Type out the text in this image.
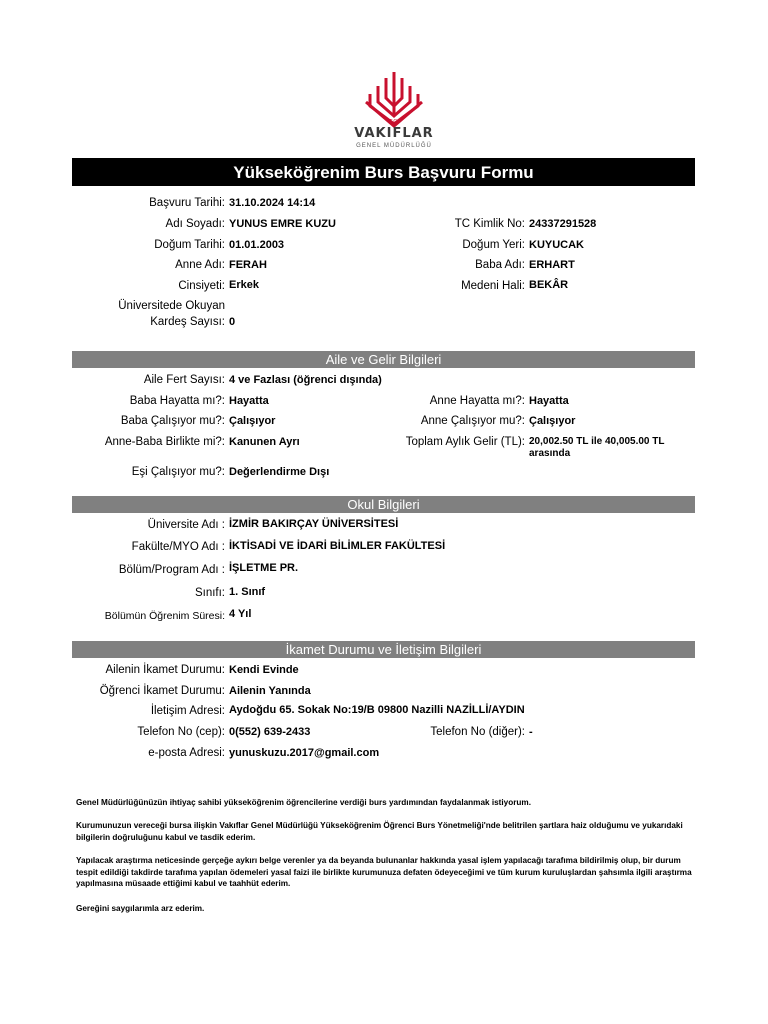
T.C.
VAKIFLAR
GENEL MÜDÜRLÜĞÜ
Yükseköğrenim Burs Başvuru Formu
Başvuru Tarihi: 31.10.2024 14:14
Adı Soyadı: YUNUS EMRE KUZU	TC Kimlik No: 24337291528
Doğum Tarihi: 01.01.2003	Doğum Yeri: KUYUCAK
Anne Adı: FERAH	Baba Adı: ERHART
Cinsiyeti: Erkek	Medeni Hali: BEKÂR
Üniversitede Okuyan
Kardeş Sayısı: 0
Aile ve Gelir Bilgileri
Aile Fert Sayısı: 4 ve Fazlası (öğrenci dışında)
Baba Hayatta mı?: Hayatta	Anne Hayatta mı?: Hayatta
Baba Çalışıyor mu?: Çalışıyor	Anne Çalışıyor mu?: Çalışıyor
Anne-Baba Birlikte mi?: Kanunen Ayrı	Toplam Aylık Gelir (TL): 20,002.50 TL ile 40,005.00 TL arasında
Eşi Çalışıyor mu?: Değerlendirme Dışı
Okul Bilgileri
Üniversite Adı : İZMİR BAKIRÇAY ÜNİVERSİTESİ
Fakülte/MYO Adı : İKTİSADİ VE İDARİ BİLİMLER FAKÜLTESİ
Bölüm/Program Adı : İŞLETME PR.
Sınıfı: 1. Sınıf
Bölümün Öğrenim Süresi: 4 Yıl
İkamet Durumu ve İletişim Bilgileri
Ailenin İkamet Durumu: Kendi Evinde
Öğrenci İkamet Durumu: Ailenin Yanında
İletişim Adresi: Aydoğdu 65. Sokak No:19/B 09800 Nazilli NAZİLLİ/AYDIN
Telefon No (cep): 0(552) 639-2433	Telefon No (diğer): -
e-posta Adresi: yunuskuzu.2017@gmail.com
Genel Müdürlüğünüzün ihtiyaç sahibi yükseköğrenim öğrencilerine verdiği burs yardımından faydalanmak istiyorum.
Kurumunuzun vereceği bursa ilişkin Vakıflar Genel Müdürlüğü Yükseköğrenim Öğrenci Burs Yönetmeliği'nde belitrilen şartlara haiz olduğumu ve yukarıdaki bilgilerin doğruluğunu kabul ve tasdik ederim.
Yapılacak araştırma neticesinde gerçeğe aykırı belge verenler ya da beyanda bulunanlar hakkında yasal işlem yapılacağı tarafıma bildirilmiş olup, bir durum tespit edildiği takdirde tarafıma yapılan ödemeleri yasal faizi ile birlikte kurumunuza defaten ödeyeceğimi ve tüm kurum kuruluşlardan şahsımla ilgili araştırma yapılmasına müsaade ettiğimi kabul ve taahhüt ederim.
Gereğini saygılarımla arz ederim.
